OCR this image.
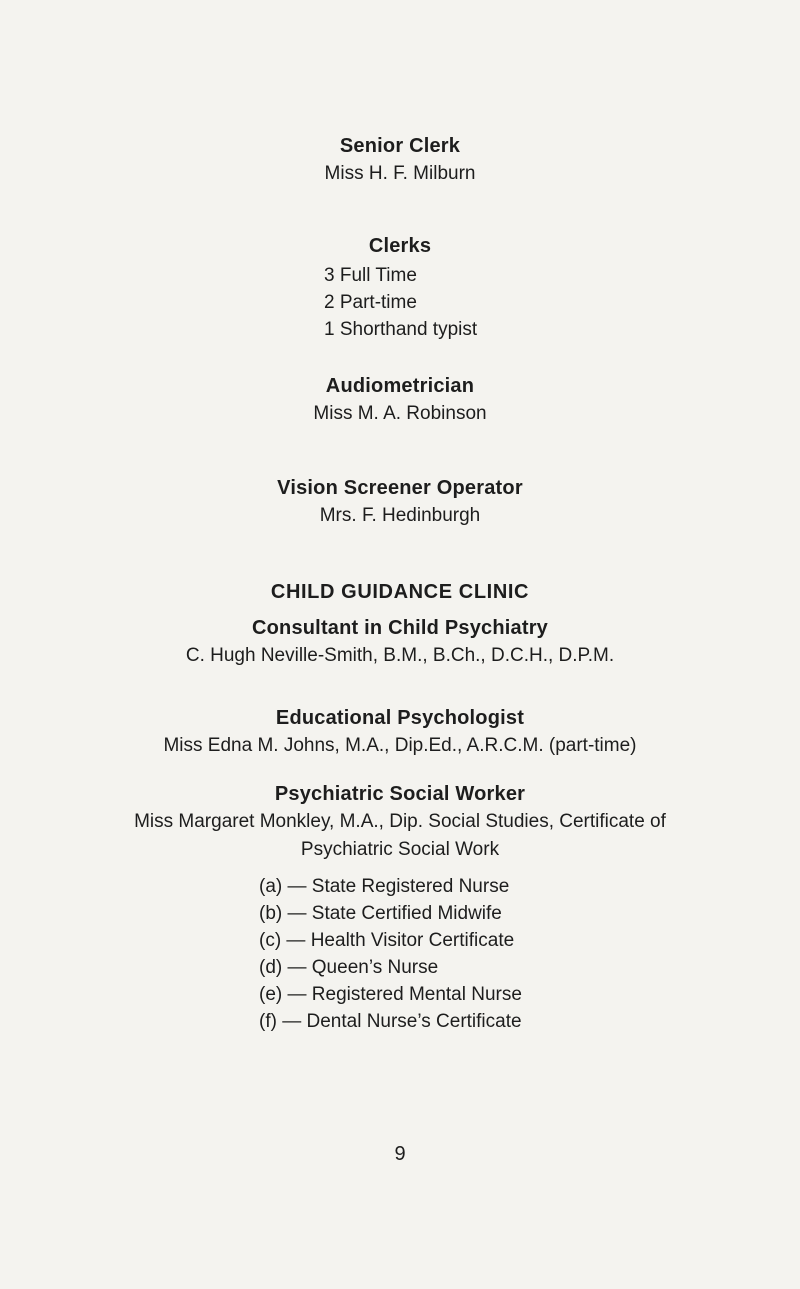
Senior Clerk
Miss H. F. Milburn
Clerks
3 Full Time
2 Part-time
1 Shorthand typist
Audiometrician
Miss M. A. Robinson
Vision Screener Operator
Mrs. F. Hedinburgh
CHILD GUIDANCE CLINIC
Consultant in Child Psychiatry
C. Hugh Neville-Smith, B.M., B.Ch., D.C.H., D.P.M.
Educational Psychologist
Miss Edna M. Johns, M.A., Dip.Ed., A.R.C.M. (part-time)
Psychiatric Social Worker
Miss Margaret Monkley, M.A., Dip. Social Studies, Certificate of
Psychiatric Social Work
(a) — State Registered Nurse
(b) — State Certified Midwife
(c) — Health Visitor Certificate
(d) — Queen’s Nurse
(e) — Registered Mental Nurse
(f) — Dental Nurse’s Certificate
9
